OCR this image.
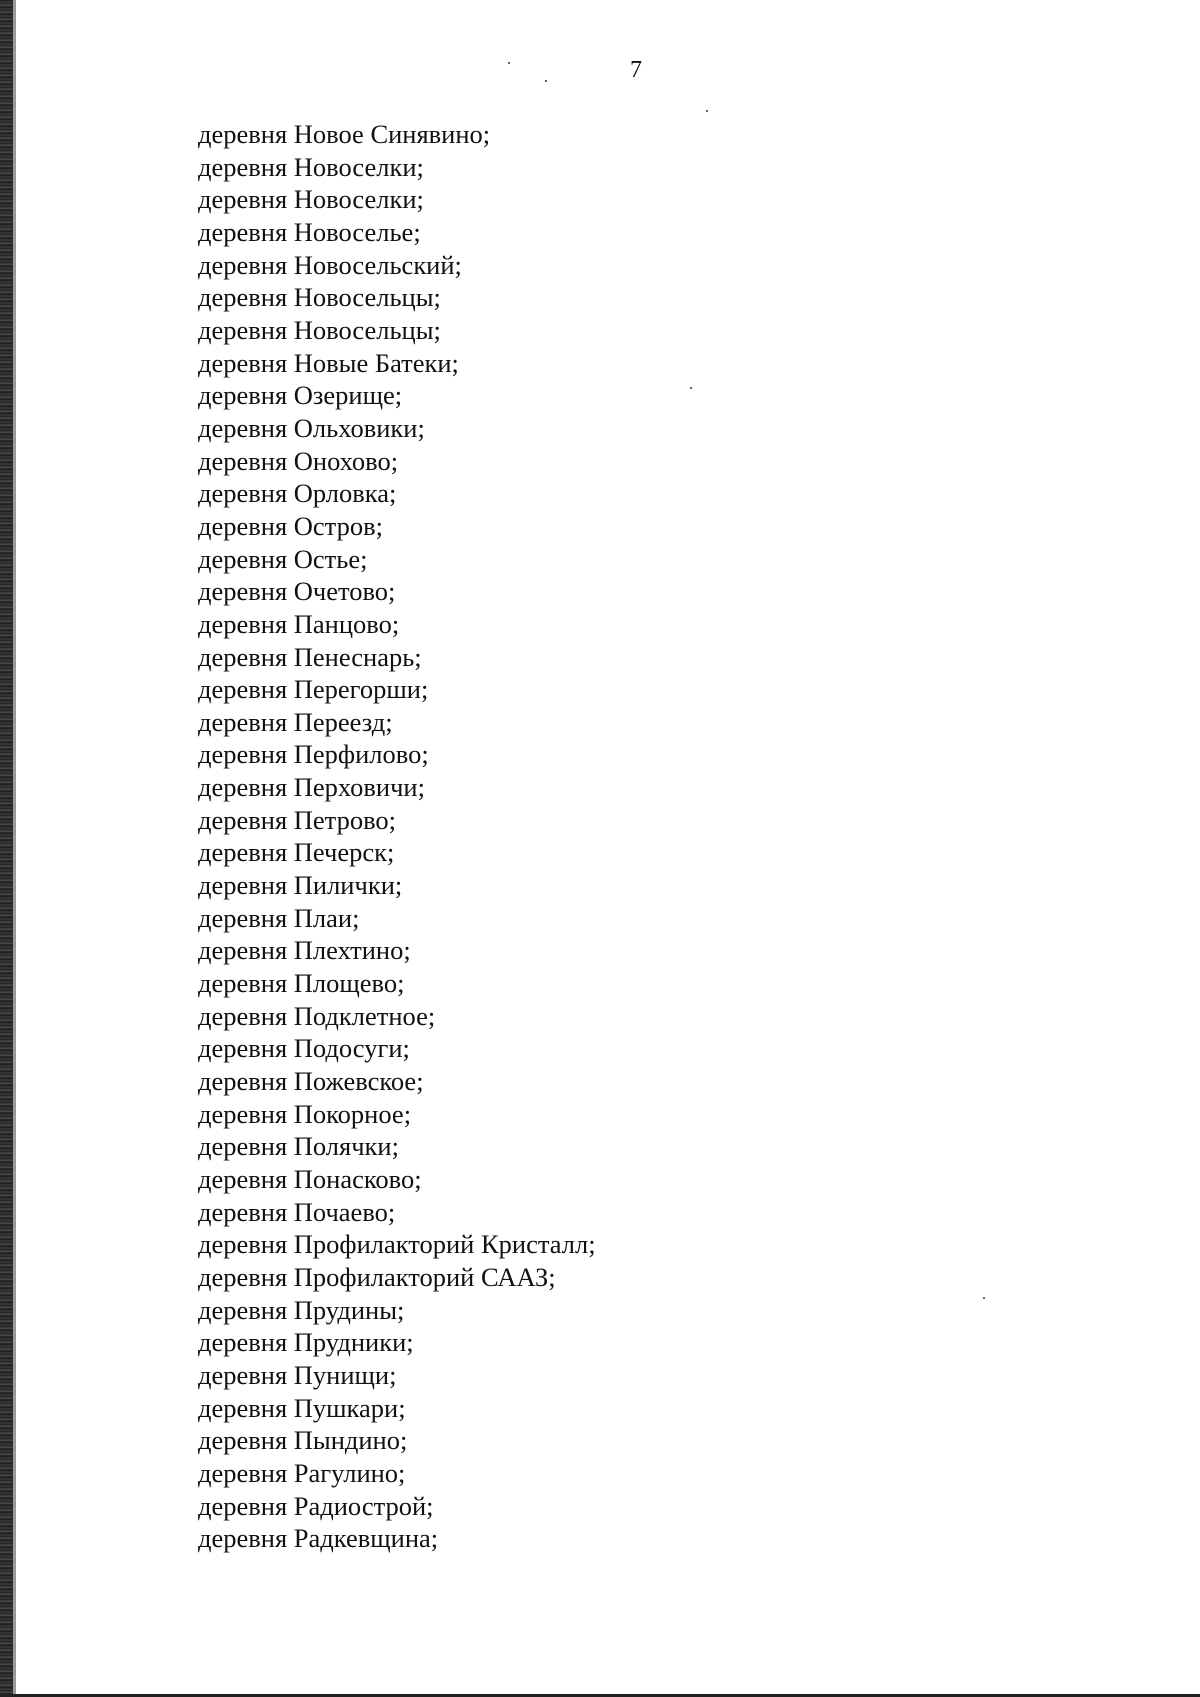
7
деревня Новое Синявино;
деревня Новоселки;
деревня Новоселки;
деревня Новоселье;
деревня Новосельский;
деревня Новосельцы;
деревня Новосельцы;
деревня Новые Батеки;
деревня Озерище;
деревня Ольховики;
деревня Онохово;
деревня Орловка;
деревня Остров;
деревня Остье;
деревня Очетово;
деревня Панцово;
деревня Пенеснарь;
деревня Перегорши;
деревня Переезд;
деревня Перфилово;
деревня Перховичи;
деревня Петрово;
деревня Печерск;
деревня Пилички;
деревня Плаи;
деревня Плехтино;
деревня Площево;
деревня Подклетное;
деревня Подосуги;
деревня Пожевское;
деревня Покорное;
деревня Полячки;
деревня Понасково;
деревня Почаево;
деревня Профилакторий Кристалл;
деревня Профилакторий СААЗ;
деревня Прудины;
деревня Прудники;
деревня Пунищи;
деревня Пушкари;
деревня Пындино;
деревня Рагулино;
деревня Радиострой;
деревня Радкевщина;
